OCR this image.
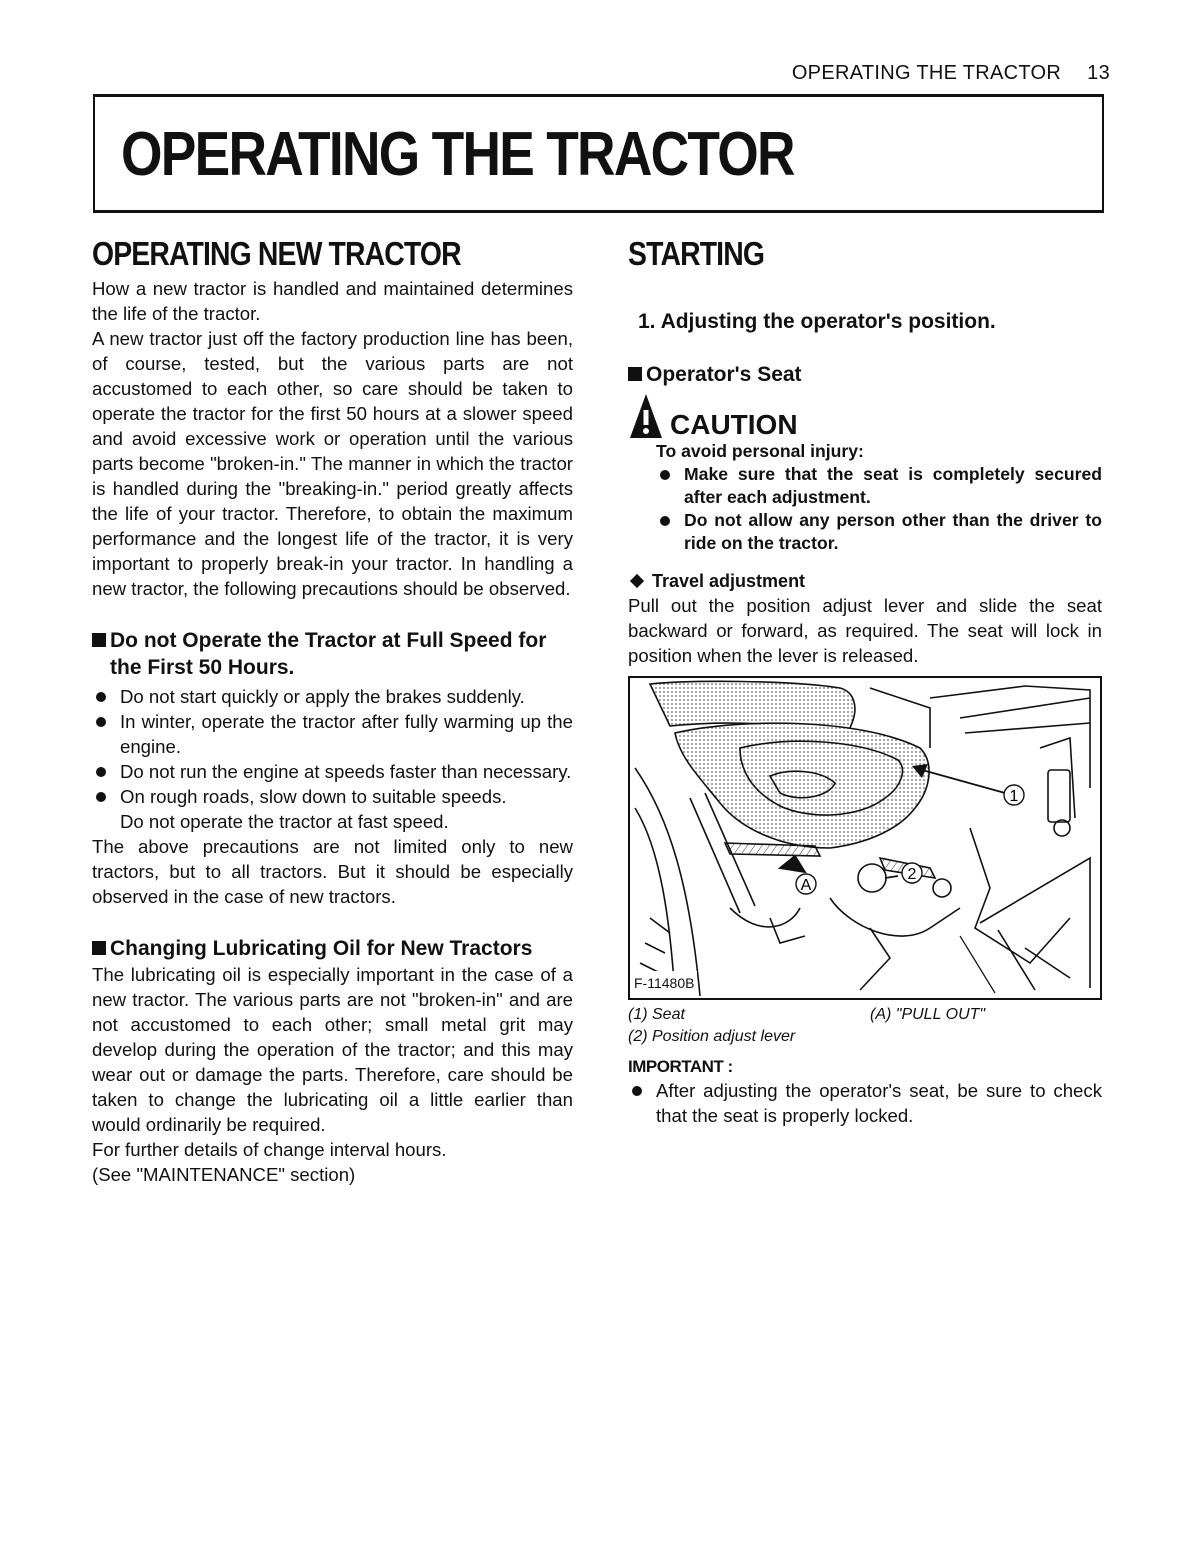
OPERATING THE TRACTOR 13
OPERATING THE TRACTOR
OPERATING NEW TRACTOR

How a new tractor is handled and maintained determines the life of the tractor.

A new tractor just off the factory production line has been, of course, tested, but the various parts are not accustomed to each other, so care should be taken to operate the tractor for the first 50 hours at a slower speed and avoid excessive work or operation until the various parts become "broken-in." The manner in which the tractor is handled during the "breaking-in." period greatly affects the life of your tractor. Therefore, to obtain the maximum performance and the longest life of the tractor, it is very important to properly break-in your tractor. In handling a new tractor, the following precautions should be observed.

Do not Operate the Tractor at Full Speed for the First 50 Hours.
Do not start quickly or apply the brakes suddenly.
In winter, operate the tractor after fully warming up the engine.
Do not run the engine at speeds faster than necessary.
On rough roads, slow down to suitable speeds.
Do not operate the tractor at fast speed.

The above precautions are not limited only to new tractors, but to all tractors. But it should be especially observed in the case of new tractors.

Changing Lubricating Oil for New Tractors

The lubricating oil is especially important in the case of a new tractor. The various parts are not "broken-in" and are not accustomed to each other; small metal grit may develop during the operation of the tractor; and this may wear out or damage the parts. Therefore, care should be taken to change the lubricating oil a little earlier than would ordinarily be required.

For further details of change interval hours.
(See "MAINTENANCE" section)
STARTING
1. Adjusting the operator's position.
Operator's Seat
CAUTION
To avoid personal injury:
Make sure that the seat is completely secured after each adjustment.
Do not allow any person other than the driver to ride on the tractor.
Travel adjustment

Pull out the position adjust lever and slide the seat backward or forward, as required. The seat will lock in position when the lever is released.

1
2
A
F-11480B
(1) Seat
(2) Position adjust lever
(A) "PULL OUT"
IMPORTANT :
After adjusting the operator's seat, be sure to check that the seat is properly locked.
